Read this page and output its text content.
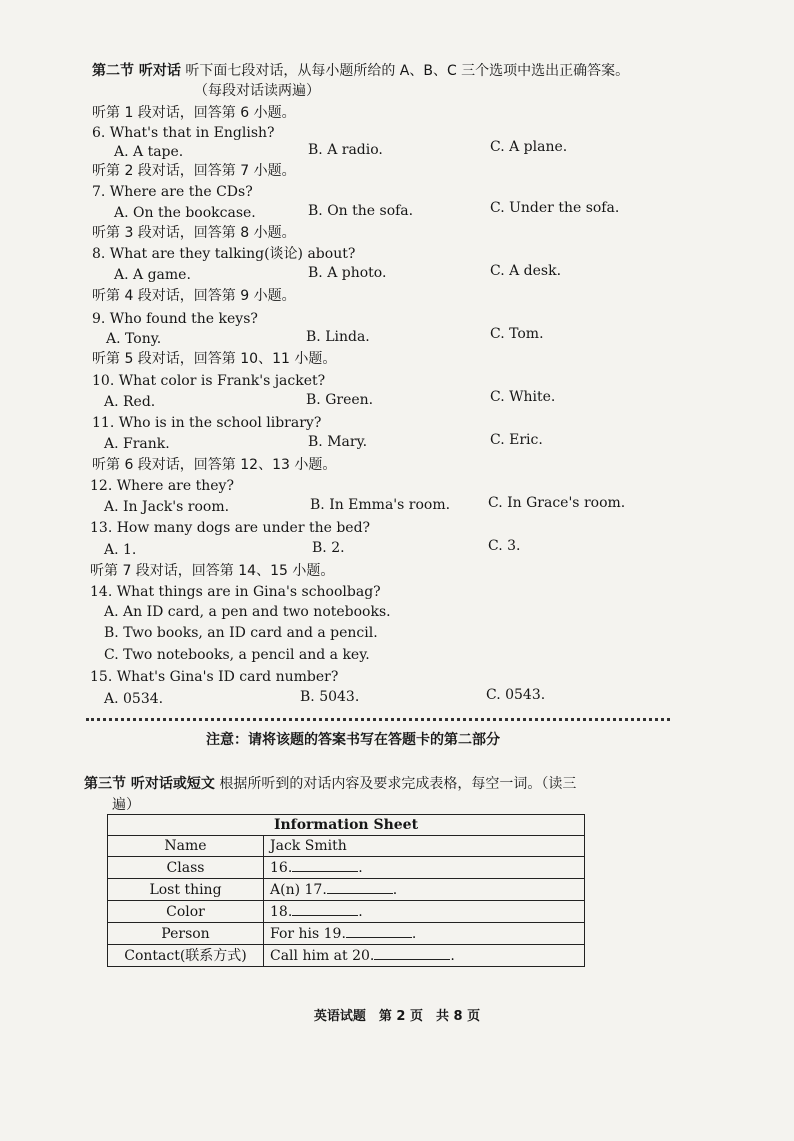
第二节 听对话 听下面七段对话，从每小题所给的 A、B、C 三个选项中选出正确答案。
（每段对话读两遍）
听第 1 段对话，回答第 6 小题。
6. What's that in English?
A. A tape.	B. A radio.	C. A plane.
听第 2 段对话，回答第 7 小题。
7. Where are the CDs?
A. On the bookcase.	B. On the sofa.	C. Under the sofa.
听第 3 段对话，回答第 8 小题。
8. What are they talking(谈论) about?
A. A game.	B. A photo.	C. A desk.
听第 4 段对话，回答第 9 小题。
9. Who found the keys?
A. Tony.	B. Linda.	C. Tom.
听第 5 段对话，回答第 10、11 小题。
10. What color is Frank's jacket?
A. Red.	B. Green.	C. White.
11. Who is in the school library?
A. Frank.	B. Mary.	C. Eric.
听第 6 段对话，回答第 12、13 小题。
12. Where are they?
A. In Jack's room.	B. In Emma's room.	C. In Grace's room.
13. How many dogs are under the bed?
A. 1.	B. 2.	C. 3.
听第 7 段对话，回答第 14、15 小题。
14. What things are in Gina's schoolbag?
A. An ID card, a pen and two notebooks.
B. Two books, an ID card and a pencil.
C. Two notebooks, a pencil and a key.
15. What's Gina's ID card number?
A. 0534.	B. 5043.	C. 0543.
注意：请将该题的答案书写在答题卡的第二部分
第三节 听对话或短文 根据所听到的对话内容及要求完成表格，每空一词。（读三
遍）
Information Sheet	
Name	Jack Smith
Class	16. .
Lost thing	A(n) 17. .
Color	18. .
Person	For his 19. .
Contact(联系方式)	Call him at 20. .
英语试题　第 2 页　共 8 页
